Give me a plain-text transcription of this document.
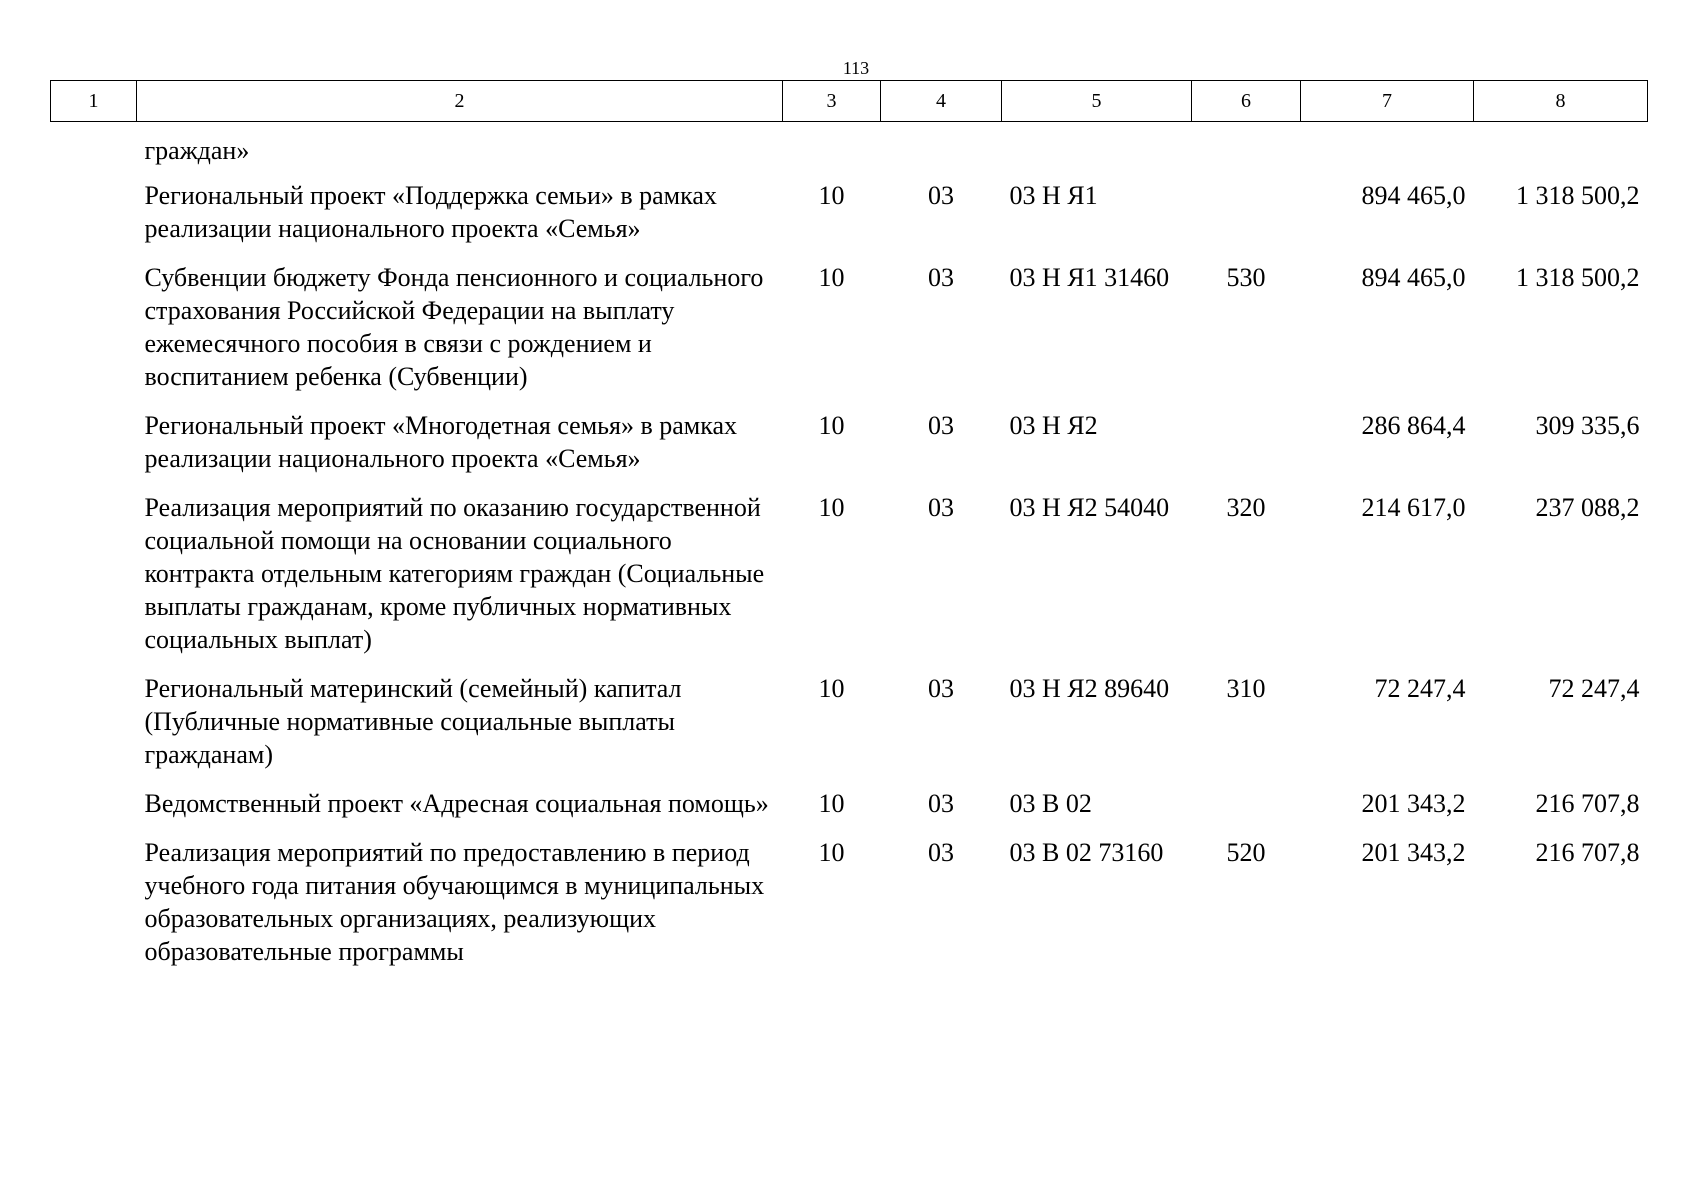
113
1	2	3	4	5	6	7	8
граждан»							
Региональный проект «Поддержка семьи» в рамках реализации национального проекта «Семья»		10	03	03 Н Я1		894 465,0	1 318 500,2
Субвенции бюджету Фонда пенсионного и социального страхования Российской Федерации на выплату ежемесячного пособия в связи с рождением и воспитанием ребенка (Субвенции)		10	03	03 Н Я1 31460	530	894 465,0	1 318 500,2
Региональный проект «Многодетная семья» в рамках реализации национального проекта «Семья»		10	03	03 Н Я2		286 864,4	309 335,6
Реализация мероприятий по оказанию государственной социальной помощи на основании социального контракта отдельным категориям граждан (Социальные выплаты гражданам, кроме публичных нормативных социальных выплат)		10	03	03 Н Я2 54040	320	214 617,0	237 088,2
Региональный материнский (семейный) капитал (Публичные нормативные социальные выплаты гражданам)		10	03	03 Н Я2 89640	310	72 247,4	72 247,4
Ведомственный проект «Адресная социальная помощь»		10	03	03 В 02		201 343,2	216 707,8
Реализация мероприятий по предоставлению в период учебного года питания обучающимся в муниципальных образовательных организациях, реализующих образовательные программы		10	03	03 В 02 73160	520	201 343,2	216 707,8
